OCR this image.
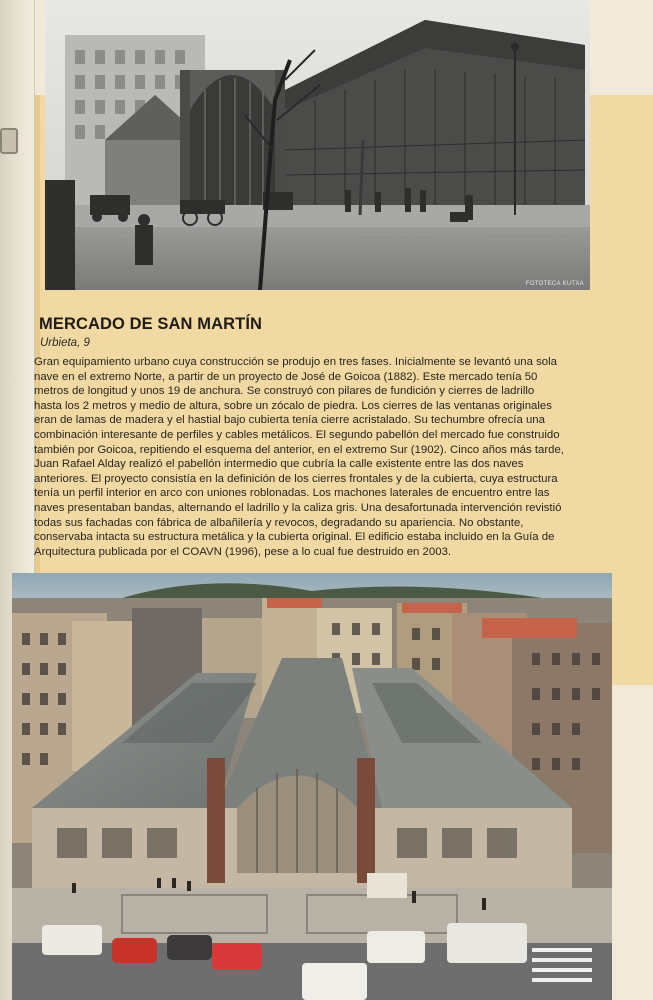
FOTOTECA KUTXA
MERCADO DE SAN MARTÍN
Urbieta, 9

Gran equipamiento urbano cuya construcción se produjo en tres fases. Inicialmente se levantó una sola
nave en el extremo Norte, a partir de un proyecto de José de Goicoa (1882). Este mercado tenía 50
metros de longitud y unos 19 de anchura. Se construyó con pilares de fundición y cierres de ladrillo
hasta los 2 metros y medio de altura, sobre un zócalo de piedra. Los cierres de las ventanas originales
eran de lamas de madera y el hastial bajo cubierta tenía cierre acristalado. Su techumbre ofrecía una
combinación interesante de perfiles y cables metálicos. El segundo pabellón del mercado fue construido
también por Goicoa, repitiendo el esquema del anterior, en el extremo Sur (1902). Cinco años más tarde,
Juan Rafael Alday realizó el pabellón intermedio que cubría la calle existente entre las dos naves
anteriores. El proyecto consistía en la definición de los cierres frontales y de la cubierta, cuya estructura
tenía un perfil interior en arco con uniones roblonadas. Los machones laterales de encuentro entre las
naves presentaban bandas, alternando el ladrillo y la caliza gris. Una desafortunada intervención revistió
todas sus fachadas con fábrica de albañilería y revocos, degradando su apariencia. No obstante,
conservaba intacta su estructura metálica y la cubierta original. El edificio estaba incluido en la Guía de
Arquitectura publicada por el COAVN (1996), pese a lo cual fue destruido en 2003.
